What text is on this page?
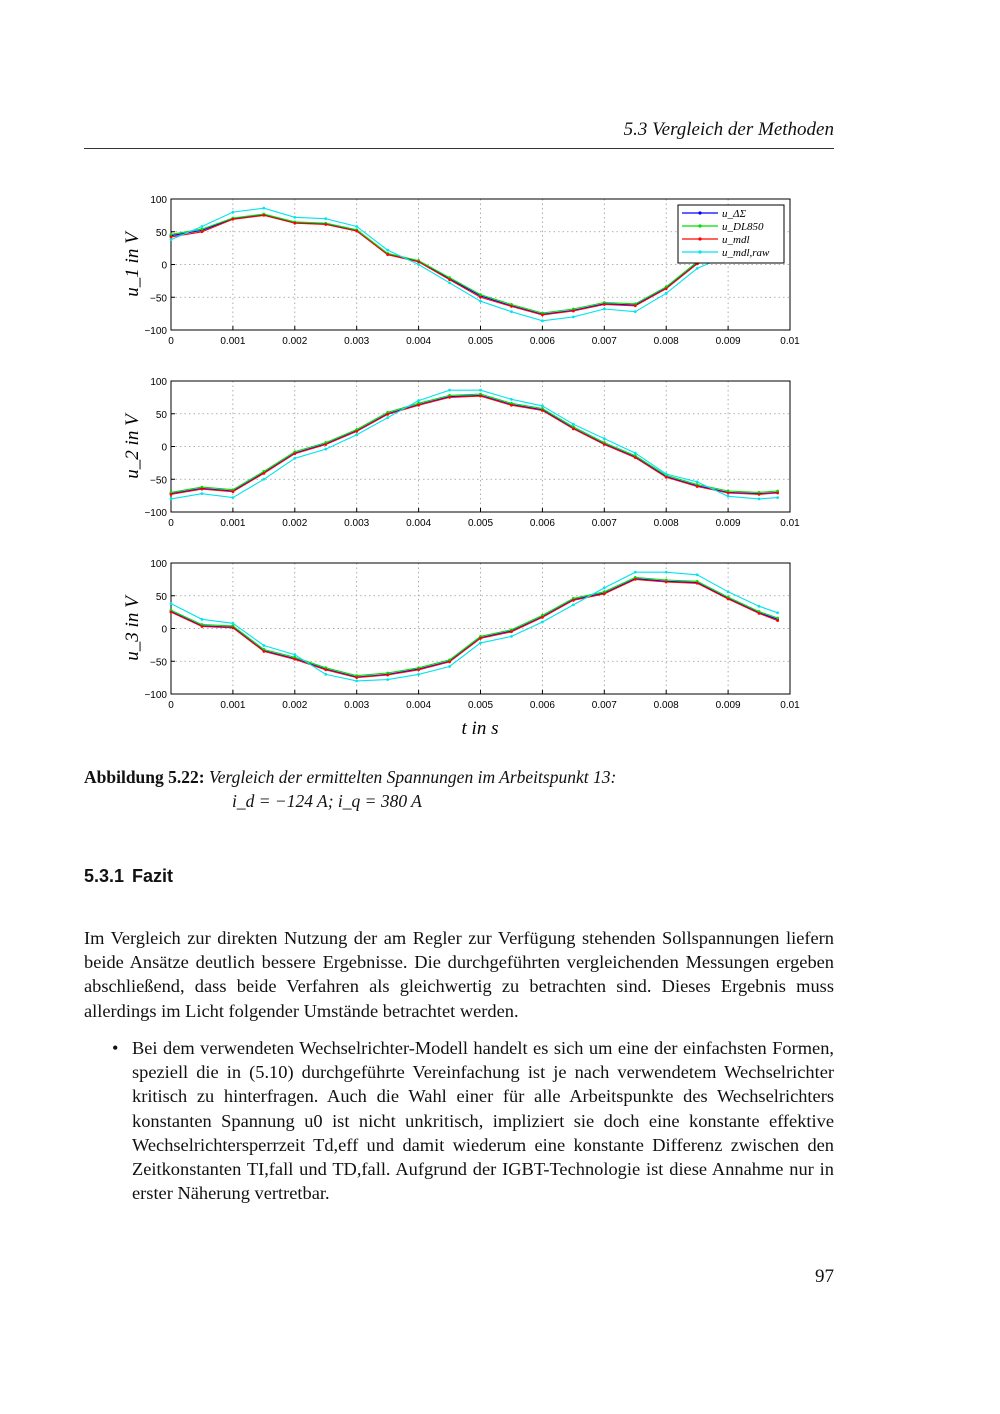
5.3 Vergleich der Methoden
0	0.001	0.002	0.003	0.004	0.005	0.006	0.007	0.008	0.009	0.01
100
50
0
−50
−100
u_1 in V
u_ΔΣ
u_DL850
u_mdl
u_mdl,raw
0	0.001	0.002	0.003	0.004	0.005	0.006	0.007	0.008	0.009	0.01
100
50
0
−50
−100
u_2 in V
0	0.001	0.002	0.003	0.004	0.005	0.006	0.007	0.008	0.009	0.01
100
50
0
−50
−100
u_3 in V
t in s
Abbildung 5.22: Vergleich der ermittelten Spannungen im Arbeitspunkt 13:
i_d = −124 A; i_q = 380 A
5.3.1 Fazit
Im Vergleich zur direkten Nutzung der am Regler zur Verfügung stehenden Sollspannungen liefern beide Ansätze deutlich bessere Ergebnisse. Die durchgeführten vergleichenden Messungen ergeben abschließend, dass beide Verfahren als gleichwertig zu betrachten sind. Dieses Ergebnis muss allerdings im Licht folgender Umstände betrachtet werden.
• Bei dem verwendeten Wechselrichter-Modell handelt es sich um eine der einfachsten Formen, speziell die in (5.10) durchgeführte Vereinfachung ist je nach verwendetem Wechselrichter kritisch zu hinterfragen. Auch die Wahl einer für alle Arbeitspunkte des Wechselrichters konstanten Spannung u0 ist nicht unkritisch, impliziert sie doch eine konstante effektive Wechselrichtersperrzeit Td,eff und damit wiederum eine konstante Differenz zwischen den Zeitkonstanten TI,fall und TD,fall. Aufgrund der IGBT-Technologie ist diese Annahme nur in erster Näherung vertretbar.
97
